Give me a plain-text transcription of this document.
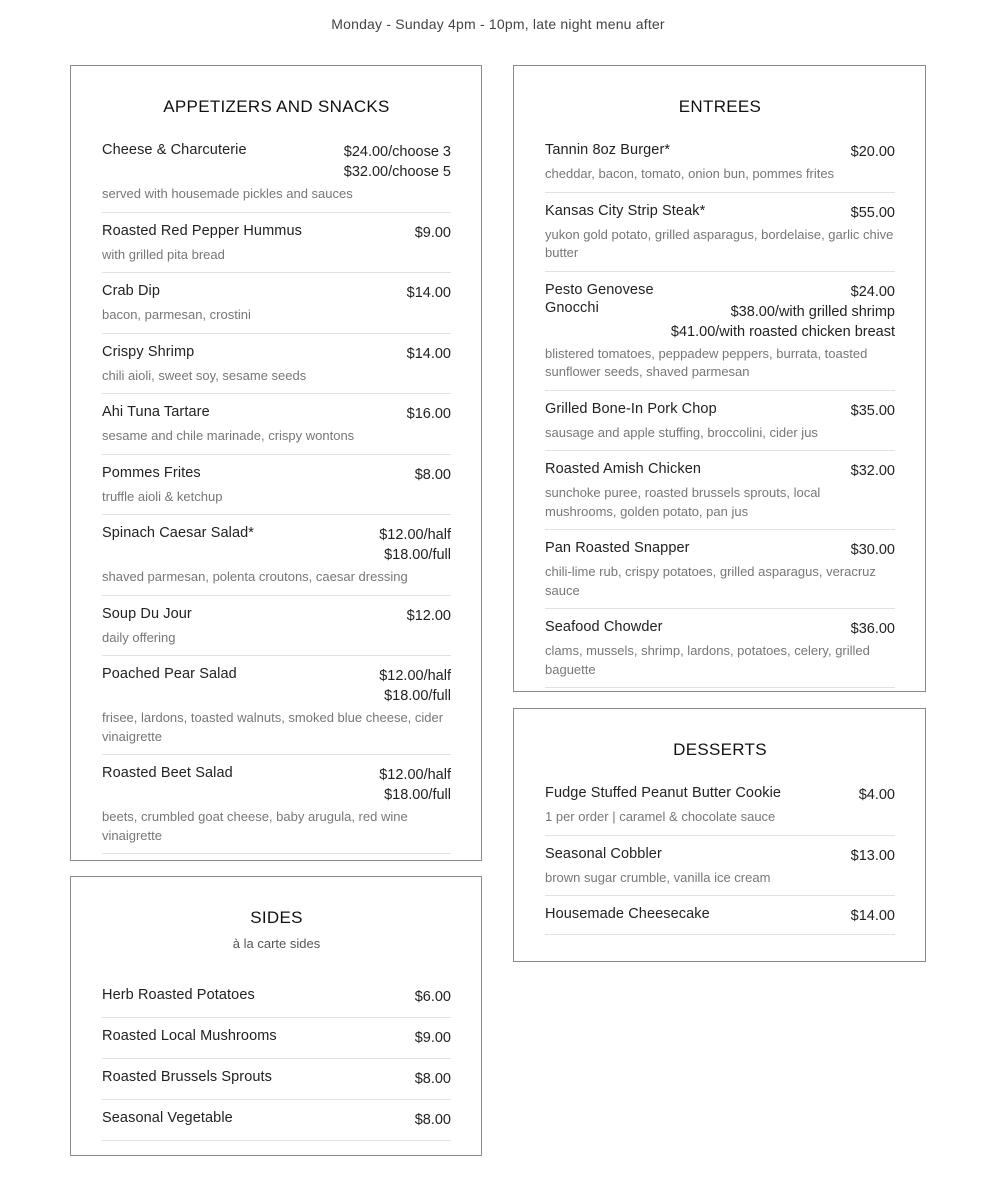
Monday - Sunday 4pm - 10pm, late night menu after
APPETIZERS AND SNACKS
Cheese & Charcuterie	$24.00/choose 3
$32.00/choose 5
served with housemade pickles and sauces
Roasted Red Pepper Hummus	$9.00
with grilled pita bread
Crab Dip	$14.00
bacon, parmesan, crostini
Crispy Shrimp	$14.00
chili aioli, sweet soy, sesame seeds
Ahi Tuna Tartare	$16.00
sesame and chile marinade, crispy wontons
Pommes Frites	$8.00
truffle aioli & ketchup
Spinach Caesar Salad*	$12.00/half
$18.00/full
shaved parmesan, polenta croutons, caesar dressing
Soup Du Jour	$12.00
daily offering
Poached Pear Salad	$12.00/half
$18.00/full
frisee, lardons, toasted walnuts, smoked blue cheese, cider vinaigrette
Roasted Beet Salad	$12.00/half
$18.00/full
beets, crumbled goat cheese, baby arugula, red wine vinaigrette
SIDES
à la carte sides
Herb Roasted Potatoes	$6.00
Roasted Local Mushrooms	$9.00
Roasted Brussels Sprouts	$8.00
Seasonal Vegetable	$8.00
ENTREES
Tannin 8oz Burger*	$20.00
cheddar, bacon, tomato, onion bun, pommes frites
Kansas City Strip Steak*	$55.00
yukon gold potato, grilled asparagus, bordelaise, garlic chive butter
Pesto Genovese Gnocchi
$24.00
$38.00/with grilled shrimp
$41.00/with roasted chicken breast
blistered tomatoes, peppadew peppers, burrata, toasted sunflower seeds, shaved parmesan
Grilled Bone-In Pork Chop	$35.00
sausage and apple stuffing, broccolini, cider jus
Roasted Amish Chicken	$32.00
sunchoke puree, roasted brussels sprouts, local mushrooms, golden potato, pan jus
Pan Roasted Snapper	$30.00
chili-lime rub, crispy potatoes, grilled asparagus, veracruz sauce
Seafood Chowder	$36.00
clams, mussels, shrimp, lardons, potatoes, celery, grilled baguette
DESSERTS
Fudge Stuffed Peanut Butter Cookie	$4.00
1 per order | caramel & chocolate sauce
Seasonal Cobbler	$13.00
brown sugar crumble, vanilla ice cream
Housemade Cheesecake	$14.00
